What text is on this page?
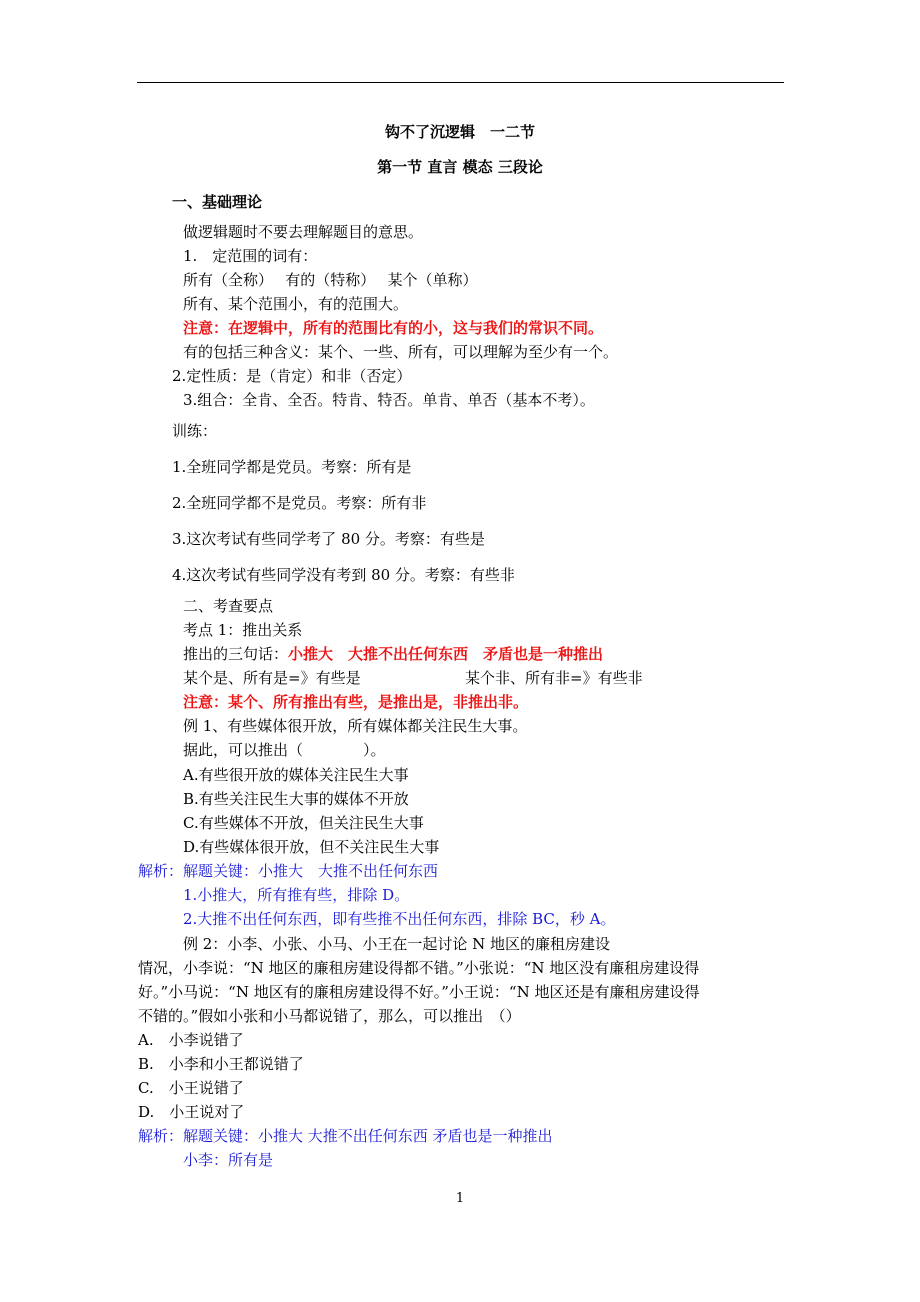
钩不了沉逻辑　一二节
第一节 直言 模态 三段论
一、基础理论
做逻辑题时不要去理解题目的意思。
1.　定范围的词有：
所有（全称）　 有的（特称）　 某个（单称）
所有、某个范围小，有的范围大。
注意：在逻辑中，所有的范围比有的小，这与我们的常识不同。
有的包括三种含义：某个、一些、所有，可以理解为至少有一个。
2.定性质：是（肯定）和非（否定）
3.组合：全肯、全否。特肯、特否。单肯、单否（基本不考）。
训练：
1.全班同学都是党员。考察：所有是
2.全班同学都不是党员。考察：所有非
3.这次考试有些同学考了 80 分。考察：有些是
4.这次考试有些同学没有考到 80 分。考察：有些非
二、考查要点
考点 1：推出关系
推出的三句话：小推大　大推不出任何东西　矛盾也是一种推出
某个是、所有是=》有些是	某个非、所有非=》有些非
注意：某个、所有推出有些，是推出是，非推出非。
例 1、有些媒体很开放，所有媒体都关注民生大事。
据此，可以推出（　　　　）。
A.有些很开放的媒体关注民生大事
B.有些关注民生大事的媒体不开放
C.有些媒体不开放，但关注民生大事
D.有些媒体很开放，但不关注民生大事
解析：解题关键：小推大　大推不出任何东西
1.小推大，所有推有些，排除 D。
2.大推不出任何东西，即有些推不出任何东西，排除 BC，秒 A。
例 2：小李、小张、小马、小王在一起讨论 N 地区的廉租房建设
情况，小李说：“N 地区的廉租房建设得都不错。”小张说：“N 地区没有廉租房建设得
好。”小马说：“N 地区有的廉租房建设得不好。”小王说：“N 地区还是有廉租房建设得
不错的。”假如小张和小马都说错了，那么，可以推出　（）
A.　小李说错了
B.　小李和小王都说错了
C.　小王说错了
D.　小王说对了
解析：解题关键：小推大 大推不出任何东西 矛盾也是一种推出
小李：所有是
1
